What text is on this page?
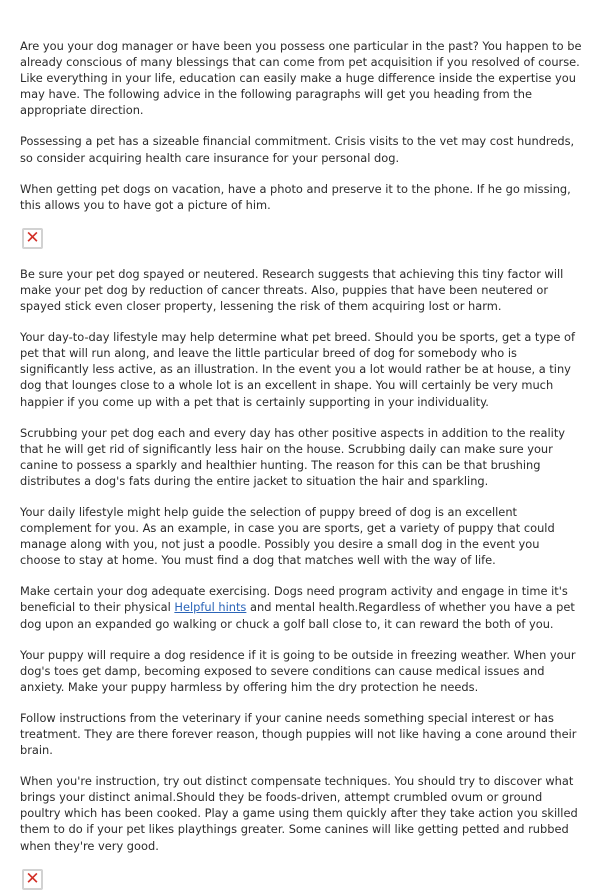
Are you your dog manager or have been you possess one particular in the past? You happen to be already conscious of many blessings that can come from pet acquisition if you resolved of course. Like everything in your life, education can easily make a huge difference inside the expertise you may have. The following advice in the following paragraphs will get you heading from the appropriate direction.

Possessing a pet has a sizeable financial commitment. Crisis visits to the vet may cost hundreds, so consider acquiring health care insurance for your personal dog.

When getting pet dogs on vacation, have a photo and preserve it to the phone. If he go missing, this allows you to have got a picture of him.

✕

Be sure your pet dog spayed or neutered. Research suggests that achieving this tiny factor will make your pet dog by reduction of cancer threats. Also, puppies that have been neutered or spayed stick even closer property, lessening the risk of them acquiring lost or harm.

Your day-to-day lifestyle may help determine what pet breed. Should you be sports, get a type of pet that will run along, and leave the little particular breed of dog for somebody who is significantly less active, as an illustration. In the event you a lot would rather be at house, a tiny dog that lounges close to a whole lot is an excellent in shape. You will certainly be very much happier if you come up with a pet that is certainly supporting in your individuality.

Scrubbing your pet dog each and every day has other positive aspects in addition to the reality that he will get rid of significantly less hair on the house. Scrubbing daily can make sure your canine to possess a sparkly and healthier hunting. The reason for this can be that brushing distributes a dog's fats during the entire jacket to situation the hair and sparkling.

Your daily lifestyle might help guide the selection of puppy breed of dog is an excellent complement for you. As an example, in case you are sports, get a variety of puppy that could manage along with you, not just a poodle. Possibly you desire a small dog in the event you choose to stay at home. You must find a dog that matches well with the way of life.

Make certain your dog adequate exercising. Dogs need program activity and engage in time it's beneficial to their physical Helpful hints and mental health.Regardless of whether you have a pet dog upon an expanded go walking or chuck a golf ball close to, it can reward the both of you.

Your puppy will require a dog residence if it is going to be outside in freezing weather. When your dog's toes get damp, becoming exposed to severe conditions can cause medical issues and anxiety. Make your puppy harmless by offering him the dry protection he needs.

Follow instructions from the veterinary if your canine needs something special interest or has treatment. They are there forever reason, though puppies will not like having a cone around their brain.

When you're instruction, try out distinct compensate techniques. You should try to discover what brings your distinct animal.Should they be foods-driven, attempt crumbled ovum or ground poultry which has been cooked. Play a game using them quickly after they take action you skilled them to do if your pet likes playthings greater. Some canines will like getting petted and rubbed when they're very good.

✕
